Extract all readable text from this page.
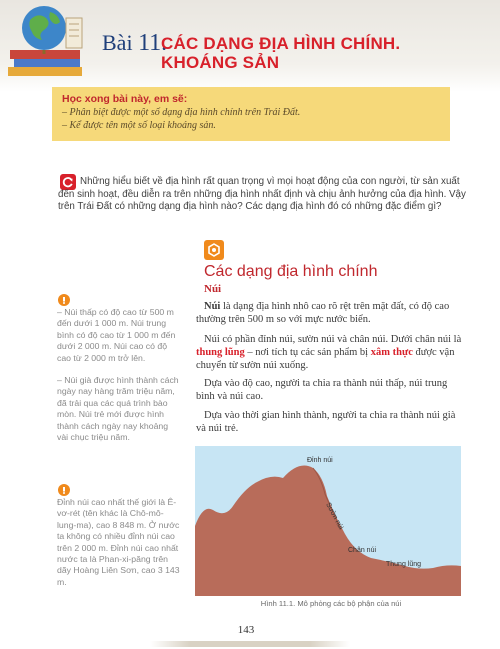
Bài 11.
CÁC DẠNG ĐỊA HÌNH CHÍNH. KHOÁNG SẢN
Học xong bài này, em sẽ:
– Phân biệt được một số dạng địa hình chính trên Trái Đất.
– Kể được tên một số loại khoáng sản.
Những hiểu biết về địa hình rất quan trọng vì mọi hoạt động của con người, từ sản xuất đến sinh hoạt, đều diễn ra trên những địa hình nhất định và chịu ảnh hưởng của địa hình. Vậy trên Trái Đất có những dạng địa hình nào? Các dạng địa hình đó có những đặc điểm gì?
Các dạng địa hình chính
Núi
Núi là dạng địa hình nhô cao rõ rệt trên mặt đất, có độ cao thường trên 500 m so với mực nước biển.
Núi có phần đỉnh núi, sườn núi và chân núi. Dưới chân núi là thung lũng – nơi tích tụ các sản phẩm bị xâm thực được vận chuyển từ sườn núi xuống.
Dựa vào độ cao, người ta chia ra thành núi thấp, núi trung bình và núi cao.
Dựa vào thời gian hình thành, người ta chia ra thành núi già và núi trẻ.
– Núi thấp có độ cao từ 500 m đến dưới 1 000 m. Núi trung bình có độ cao từ 1 000 m đến dưới 2 000 m. Núi cao có độ cao từ 2 000 m trở lên.
– Núi già được hình thành cách ngày nay hàng trăm triệu năm, đã trải qua các quá trình bào mòn. Núi trẻ mới được hình thành cách ngày nay khoảng vài chục triệu năm.
Đỉnh núi cao nhất thế giới là Ê-vơ-rét (tên khác là Chô-mô-lung-ma), cao 8 848 m. Ở nước ta không có nhiều đỉnh núi cao trên 2 000 m. Đỉnh núi cao nhất nước ta là Phan-xi-păng trên dãy Hoàng Liên Sơn, cao 3 143 m.
Đỉnh núi
Sườn núi
Chân núi
Thung lũng
Hình 11.1. Mô phỏng các bộ phận của núi
143
